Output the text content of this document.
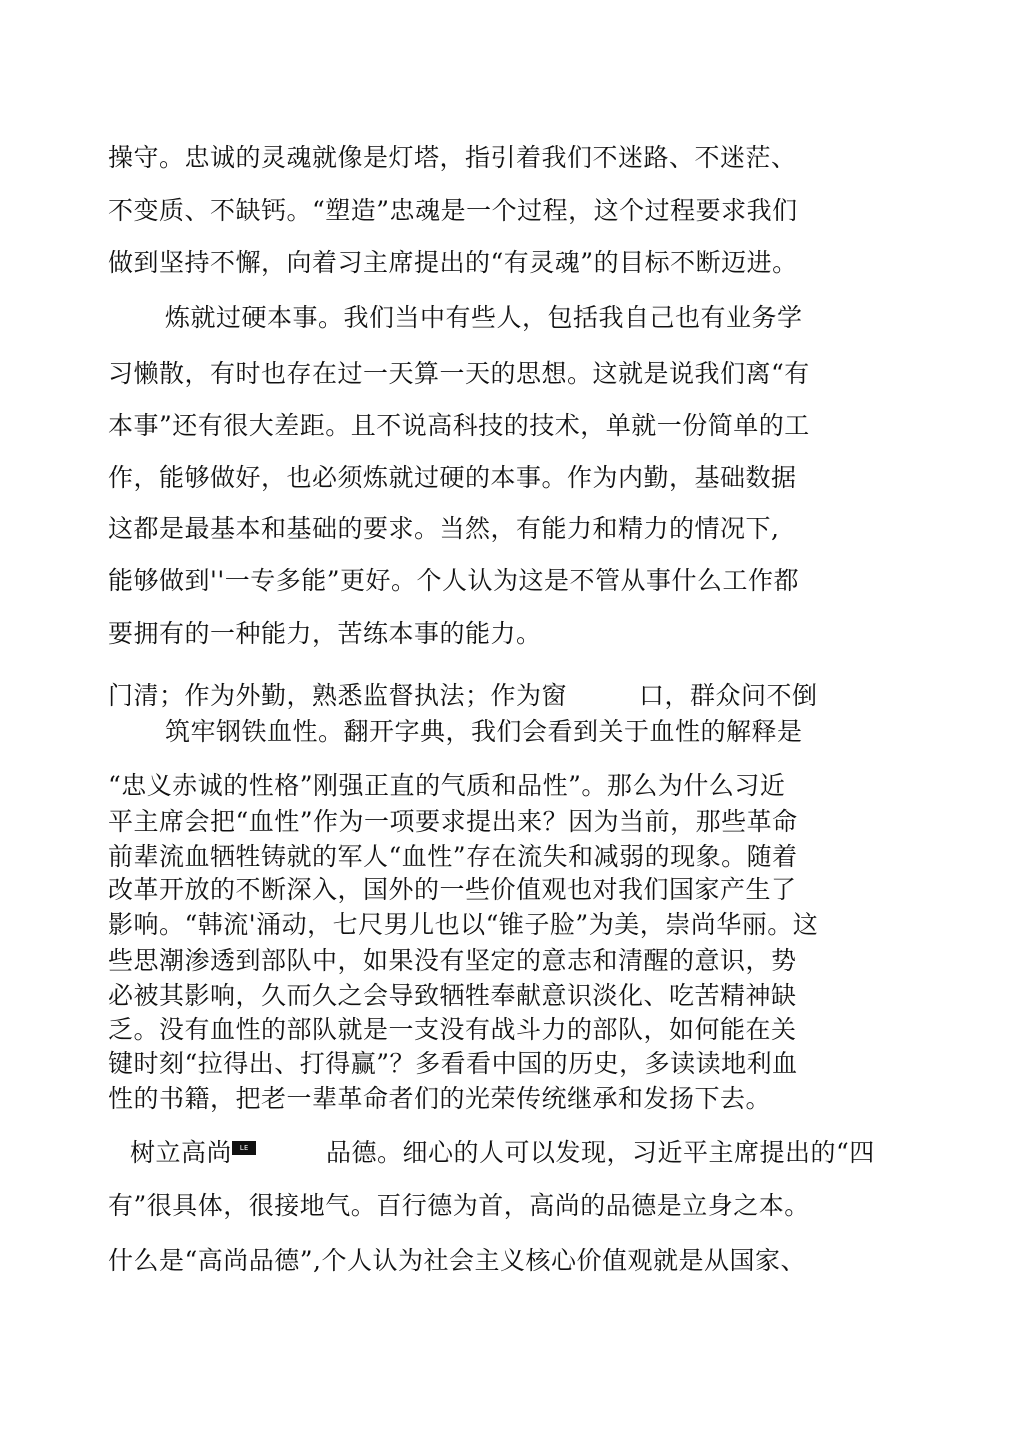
操守。忠诚的灵魂就像是灯塔，指引着我们不迷路、不迷茫、
不变质、不缺钙。“塑造”忠魂是一个过程，这个过程要求我们
做到坚持不懈，向着习主席提出的“有灵魂”的目标不断迈进。
炼就过硬本事。我们当中有些人，包括我自己也有业务学
习懒散，有时也存在过一天算一天的思想。这就是说我们离“有
本事”还有很大差距。且不说高科技的技术，单就一份简单的工
作，能够做好，也必须炼就过硬的本事。作为内勤，基础数据
这都是最基本和基础的要求。当然，有能力和精力的情况下,
能够做到''一专多能”更好。个人认为这是不管从事什么工作都
要拥有的一种能力，苦练本事的能力。
门清；作为外勤，熟悉监督执法；作为窗	口，群众问不倒
筑牢钢铁血性。翻开字典，我们会看到关于血性的解释是
“忠义赤诚的性格”刚强正直的气质和品性”。那么为什么习近
平主席会把“血性”作为一项要求提出来？因为当前，那些革命
前辈流血牺牲铸就的军人“血性”存在流失和减弱的现象。随着
改革开放的不断深入，国外的一些价值观也对我们国家产生了
影响。“韩流'涌动，七尺男儿也以“锥子脸”为美，崇尚华丽。这
些思潮渗透到部队中，如果没有坚定的意志和清醒的意识，势
必被其影响，久而久之会导致牺牲奉献意识淡化、吃苦精神缺
乏。没有血性的部队就是一支没有战斗力的部队，如何能在关
键时刻“拉得出、打得赢”？多看看中国的历史，多读读地利血
性的书籍，把老一辈革命者们的光荣传统继承和发扬下去。
树立高尚 LE	品德。细心的人可以发现，习近平主席提出的“四
有”很具体，很接地气。百行德为首，高尚的品德是立身之本。
什么是“高尚品德”,个人认为社会主义核心价值观就是从国家、
